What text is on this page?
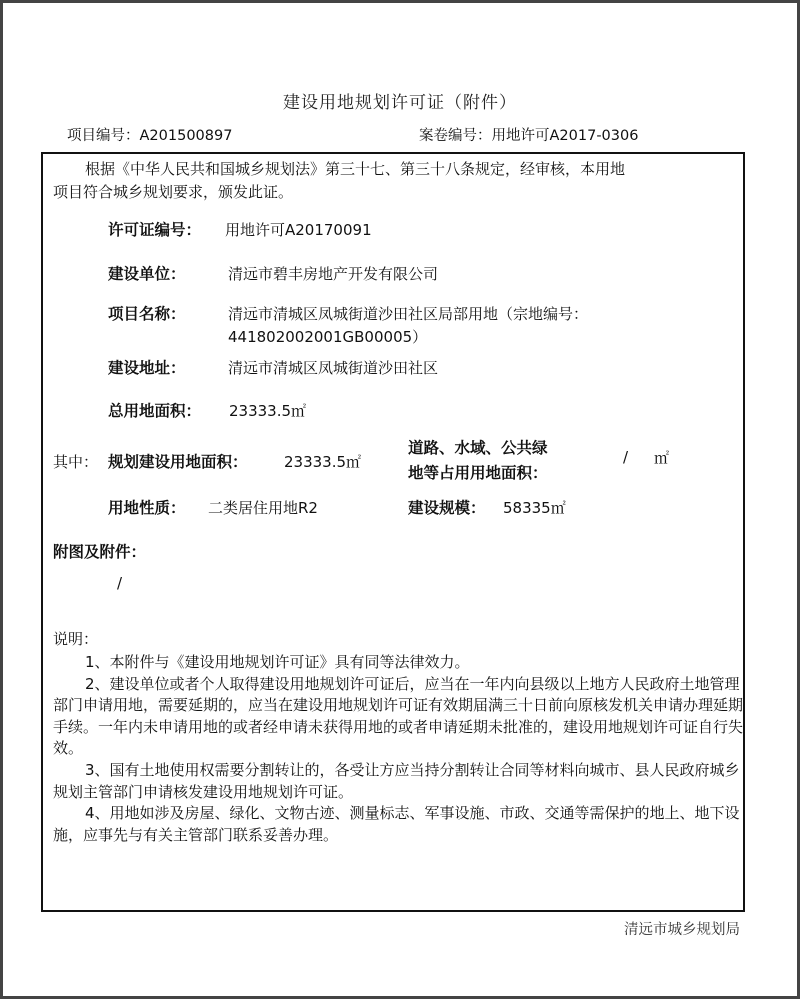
建设用地规划许可证（附件）
项目编号：A201500897	案卷编号：用地许可A2017-0306
根据《中华人民共和国城乡规划法》第三十七、第三十八条规定，经审核，本用地
项目符合城乡规划要求，颁发此证。
许可证编号： 用地许可A20170091
建设单位：	清远市碧丰房地产开发有限公司
项目名称：	清远市清城区凤城街道沙田社区局部用地（宗地编号：
441802002001GB00005）
建设地址：	清远市清城区凤城街道沙田社区
总用地面积： 23333.5㎡
其中： 规划建设用地面积： 23333.5㎡
道路、水域、公共绿
地等占用用地面积：
/ ㎡
用地性质： 二类居住用地R2	建设规模： 58335㎡
附图及附件：
/
说明：

1、本附件与《建设用地规划许可证》具有同等法律效力。

2、建设单位或者个人取得建设用地规划许可证后，应当在一年内向县级以上地方人民政府土地管理部门申请用地，需要延期的，应当在建设用地规划许可证有效期届满三十日前向原核发机关申请办理延期手续。一年内未申请用地的或者经申请未获得用地的或者申请延期未批准的，建设用地规划许可证自行失效。

3、国有土地使用权需要分割转让的，各受让方应当持分割转让合同等材料向城市、县人民政府城乡规划主管部门申请核发建设用地规划许可证。

4、用地如涉及房屋、绿化、文物古迹、测量标志、军事设施、市政、交通等需保护的地上、地下设施，应事先与有关主管部门联系妥善办理。

清远市城乡规划局
